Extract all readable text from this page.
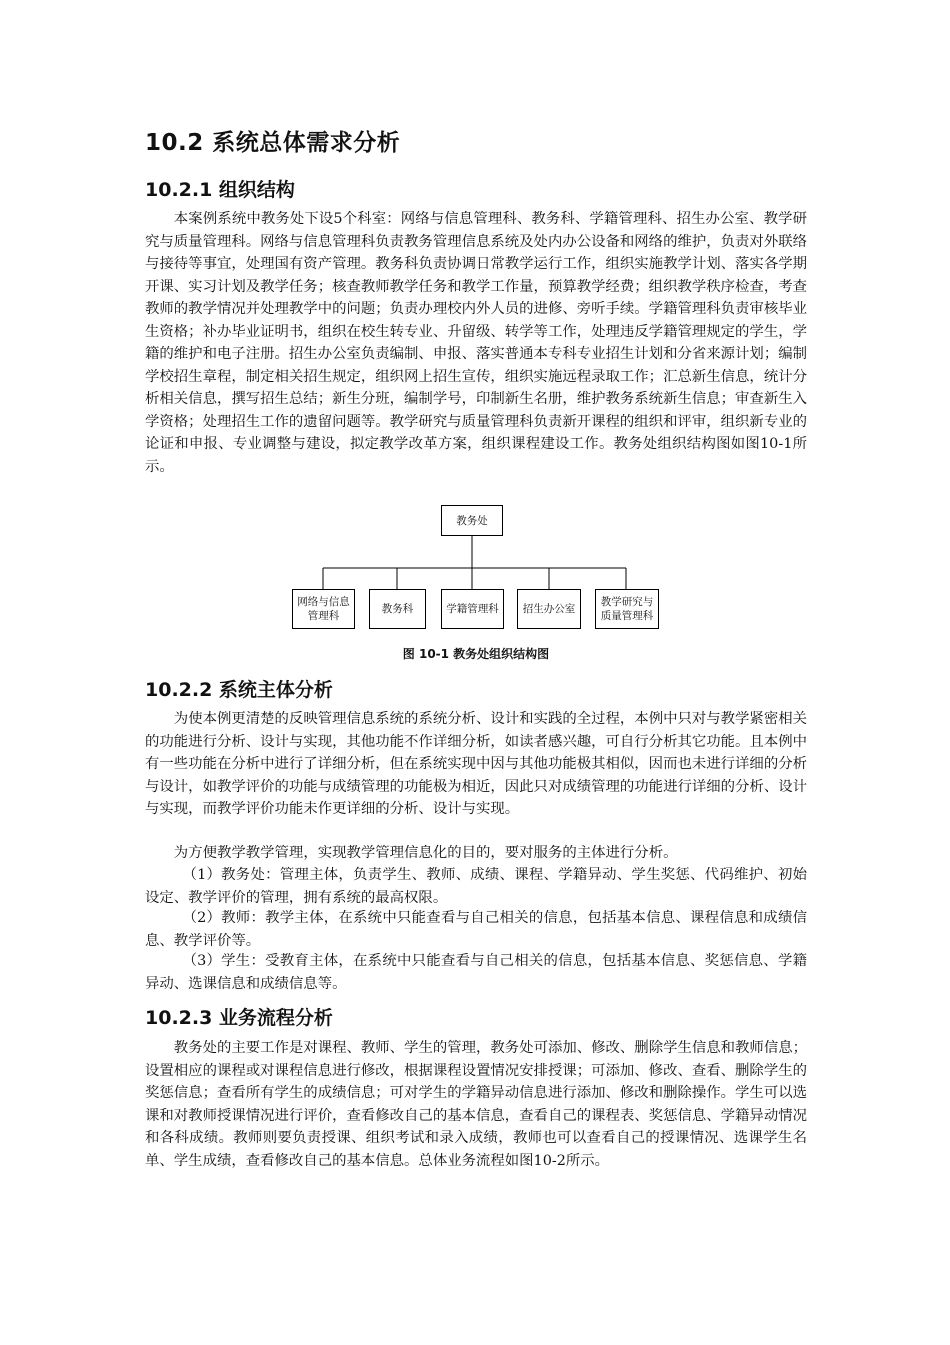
10.2 系统总体需求分析
10.2.1 组织结构

本案例系统中教务处下设5个科室：网络与信息管理科、教务科、学籍管理科、招生办公室、教学研究与质量管理科。网络与信息管理科负责教务管理信息系统及处内办公设备和网络的维护，负责对外联络与接待等事宜，处理国有资产管理。教务科负责协调日常教学运行工作，组织实施教学计划、落实各学期开课、实习计划及教学任务；核查教师教学任务和教学工作量，预算教学经费；组织教学秩序检查，考查教师的教学情况并处理教学中的问题；负责办理校内外人员的进修、旁听手续。学籍管理科负责审核毕业生资格；补办毕业证明书，组织在校生转专业、升留级、转学等工作，处理违反学籍管理规定的学生，学籍的维护和电子注册。招生办公室负责编制、申报、落实普通本专科专业招生计划和分省来源计划；编制学校招生章程，制定相关招生规定，组织网上招生宣传，组织实施远程录取工作；汇总新生信息，统计分析相关信息，撰写招生总结；新生分班，编制学号，印制新生名册，维护教务系统新生信息；审查新生入学资格；处理招生工作的遗留问题等。教学研究与质量管理科负责新开课程的组织和评审，组织新专业的论证和申报、专业调整与建设，拟定教学改革方案，组织课程建设工作。教务处组织结构图如图10-1所示。

教务处
网络与信息
管理科
教务科	学籍管理科 招生办公室
教学研究与
质量管理科

图 10-1 教务处组织结构图

10.2.2 系统主体分析

为使本例更清楚的反映管理信息系统的系统分析、设计和实践的全过程，本例中只对与教学紧密相关的功能进行分析、设计与实现，其他功能不作详细分析，如读者感兴趣，可自行分析其它功能。且本例中有一些功能在分析中进行了详细分析，但在系统实现中因与其他功能极其相似，因而也未进行详细的分析与设计，如教学评价的功能与成绩管理的功能极为相近，因此只对成绩管理的功能进行详细的分析、设计与实现，而教学评价功能未作更详细的分析、设计与实现。

为方便教学教学管理，实现教学管理信息化的目的，要对服务的主体进行分析。

（1）教务处：管理主体，负责学生、教师、成绩、课程、学籍异动、学生奖惩、代码维护、初始设定、教学评价的管理，拥有系统的最高权限。

（2）教师：教学主体，在系统中只能查看与自己相关的信息，包括基本信息、课程信息和成绩信息、教学评价等。

（3）学生：受教育主体，在系统中只能查看与自己相关的信息，包括基本信息、奖惩信息、学籍异动、选课信息和成绩信息等。

10.2.3 业务流程分析

教务处的主要工作是对课程、教师、学生的管理，教务处可添加、修改、删除学生信息和教师信息；设置相应的课程或对课程信息进行修改，根据课程设置情况安排授课；可添加、修改、查看、删除学生的奖惩信息；查看所有学生的成绩信息；可对学生的学籍异动信息进行添加、修改和删除操作。学生可以选课和对教师授课情况进行评价，查看修改自己的基本信息，查看自己的课程表、奖惩信息、学籍异动情况和各科成绩。教师则要负责授课、组织考试和录入成绩，教师也可以查看自己的授课情况、选课学生名单、学生成绩，查看修改自己的基本信息。总体业务流程如图10-2所示。
